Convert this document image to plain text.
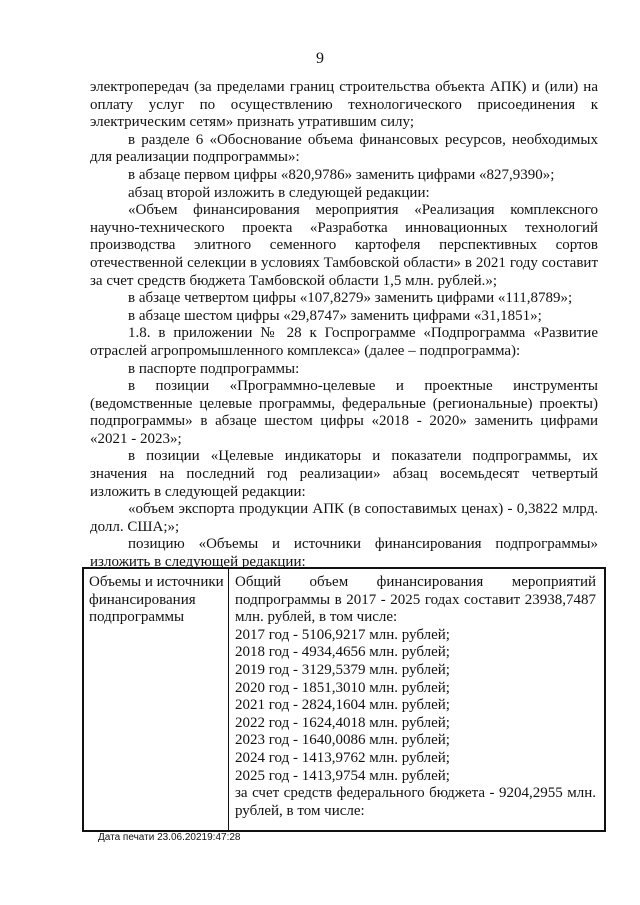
9

электропередач (за пределами границ строительства объекта АПК) и (или) на оплату услуг по осуществлению технологического присоединения к электрическим сетям» признать утратившим силу;

в разделе 6 «Обоснование объема финансовых ресурсов, необходимых для реализации подпрограммы»:

в абзаце первом цифры «820,9786» заменить цифрами «827,9390»;

абзац второй изложить в следующей редакции:

«Объем финансирования мероприятия «Реализация комплексного научно-технического проекта «Разработка инновационных технологий производства элитного семенного картофеля перспективных сортов отечественной селекции в условиях Тамбовской области» в 2021 году составит за счет средств бюджета Тамбовской области 1,5 млн. рублей.»;

в абзаце четвертом цифры «107,8279» заменить цифрами «111,8789»;

в абзаце шестом цифры «29,8747» заменить цифрами «31,1851»;

1.8. в приложении № 28 к Госпрограмме «Подпрограмма «Развитие отраслей агропромышленного комплекса» (далее – подпрограмма):

в паспорте подпрограммы:

в позиции «Программно-целевые и проектные инструменты (ведомственные целевые программы, федеральные (региональные) проекты) подпрограммы» в абзаце шестом цифры «2018 - 2020» заменить цифрами «2021 - 2023»;

в позиции «Целевые индикаторы и показатели подпрограммы, их значения на последний год реализации» абзац восемьдесят четвертый изложить в следующей редакции:

«объем экспорта продукции АПК (в сопоставимых ценах) - 0,3822 млрд. долл. США;»;

позицию «Объемы и источники финансирования подпрограммы» изложить в следующей редакции:

Объемы и источники финансирования подпрограммы
Общий объем финансирования мероприятий подпрограммы в 2017 - 2025 годах составит 23938,7487 млн. рублей, в том числе:
2017 год - 5106,9217 млн. рублей;
2018 год - 4934,4656 млн. рублей;
2019 год - 3129,5379 млн. рублей;
2020 год - 1851,3010 млн. рублей;
2021 год - 2824,1604 млн. рублей;
2022 год - 1624,4018 млн. рублей;
2023 год - 1640,0086 млн. рублей;
2024 год - 1413,9762 млн. рублей;
2025 год - 1413,9754 млн. рублей;
за счет средств федерального бюджета - 9204,2955 млн. рублей, в том числе:
Дата печати 23.06.20219:47:28
